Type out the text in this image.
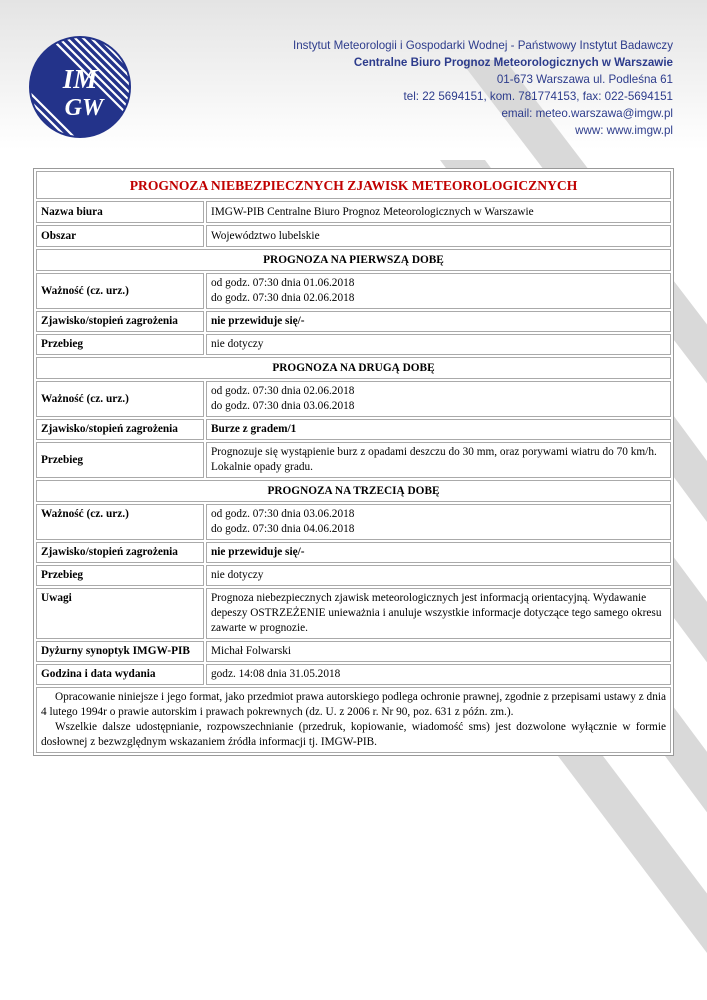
IM
GW
Instytut Meteorologii i Gospodarki Wodnej - Państwowy Instytut Badawczy
Centralne Biuro Prognoz Meteorologicznych w Warszawie
01-673 Warszawa ul. Podleśna 61
tel: 22 5694151, kom. 781774153, fax: 022-5694151
email: meteo.warszawa@imgw.pl
www: www.imgw.pl
PROGNOZA NIEBEZPIECZNYCH ZJAWISK METEOROLOGICZNYCH	
Nazwa biura	IMGW-PIB Centralne Biuro Prognoz Meteorologicznych w Warszawie
Obszar	Województwo lubelskie
PROGNOZA NA PIERWSZĄ DOBĘ	
Ważność (cz. urz.)	od godz. 07:30 dnia 01.06.2018
do godz. 07:30 dnia 02.06.2018

Zjawisko/stopień zagrożenia	nie przewiduje się/-
Przebieg	nie dotyczy
PROGNOZA NA DRUGĄ DOBĘ	
Ważność (cz. urz.)	od godz. 07:30 dnia 02.06.2018
do godz. 07:30 dnia 03.06.2018

Zjawisko/stopień zagrożenia	Burze z gradem/1
Przebieg	Prognozuje się wystąpienie burz z opadami deszczu do 30 mm, oraz porywami wiatru do 70 km/h. Lokalnie opady gradu.
PROGNOZA NA TRZECIĄ DOBĘ	
Ważność (cz. urz.)	od godz. 07:30 dnia 03.06.2018
do godz. 07:30 dnia 04.06.2018

Zjawisko/stopień zagrożenia	nie przewiduje się/-
Przebieg	nie dotyczy
Uwagi	Prognoza niebezpiecznych zjawisk meteorologicznych jest informacją orientacyjną. Wydawanie depeszy OSTRZEŻENIE unieważnia i anuluje wszystkie informacje dotyczące tego samego okresu zawarte w prognozie.
Dyżurny synoptyk IMGW-PIB	Michał Folwarski
Godzina i data wydania	godz. 14:08 dnia 31.05.2018

Opracowanie niniejsze i jego format, jako przedmiot prawa autorskiego podlega ochronie prawnej, zgodnie z przepisami ustawy z dnia 4 lutego 1994r o prawie autorskim i prawach pokrewnych (dz. U. z 2006 r. Nr 90, poz. 631 z późn. zm.).

Wszelkie dalsze udostępnianie, rozpowszechnianie (przedruk, kopiowanie, wiadomość sms) jest dozwolone wyłącznie w formie dosłownej z bezwzględnym wskazaniem źródła informacji tj. IMGW-PIB.	
